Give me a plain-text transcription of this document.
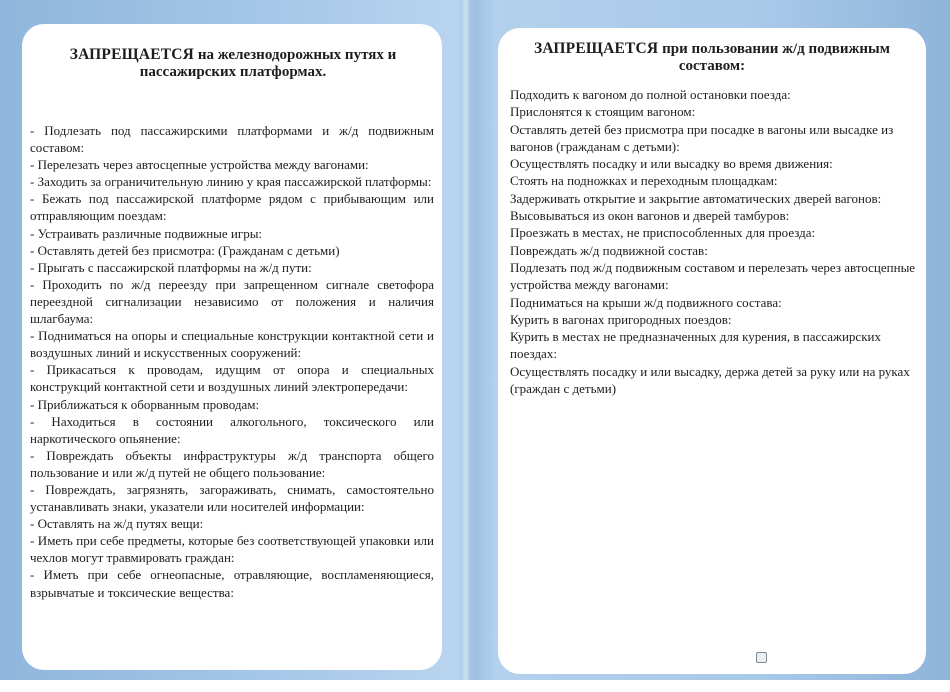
ЗАПРЕЩАЕТСЯ на железнодорожных путях и пассажирских платформах.
- Подлезать под пассажирскими платформами и ж/д подвижным составом:
- Перелезать через автосцепные устройства между вагонами:
- Заходить за ограничительную линию у края пассажирской платформы:
- Бежать под пассажирской платформе рядом с прибывающим или отправляющим поездам:
- Устраивать различные подвижные игры:
- Оставлять детей без присмотра: (Гражданам с детьми)
- Прыгать с пассажирской платформы на ж/д пути:
- Проходить по ж/д переезду при запрещенном сигнале светофора переездной сигнализации независимо от положения и наличия шлагбаума:
- Подниматься на опоры и специальные конструкции контактной сети и воздушных линий и искусственных сооружений:
- Прикасаться к проводам, идущим от опора и специальных конструкций контактной сети и воздушных линий электропередачи:
- Приближаться к оборванным проводам:
- Находиться в состоянии алкогольного, токсического или наркотического опьянение:
- Повреждать объекты инфраструктуры ж/д транспорта общего пользование и или ж/д путей не общего пользование:
- Повреждать, загрязнять, загораживать, снимать, самостоятельно устанавливать знаки, указатели или носителей информации:
- Оставлять на ж/д путях вещи:
- Иметь при себе предметы, которые без соответствующей упаковки или чехлов могут травмировать граждан:
- Иметь при себе огнеопасные, отравляющие, воспламеняющиеся, взрывчатые и токсические вещества:
ЗАПРЕЩАЕТСЯ при пользовании ж/д подвижным составом:
Подходить к вагоном до полной остановки поезда:
Прислонятся к стоящим вагоном:
Оставлять детей без присмотра при посадке в вагоны или высадке из вагонов (гражданам с детьми):
Осуществлять посадку и или высадку во время движения:
Стоять на подножках и переходным площадкам:
Задерживать открытие и закрытие автоматических дверей вагонов:
Высовываться из окон вагонов и дверей тамбуров:
Проезжать в местах, не приспособленных для проезда:
Повреждать ж/д подвижной состав:
Подлезать под ж/д подвижным составом и перелезать через автосцепные устройства между вагонами:
Подниматься на крыши ж/д подвижного состава:
Курить в вагонах пригородных поездов:
Курить в местах не предназначенных для курения, в пассажирских поездах:
Осуществлять посадку и или высадку, держа детей за руку или на руках (граждан с детьми)
